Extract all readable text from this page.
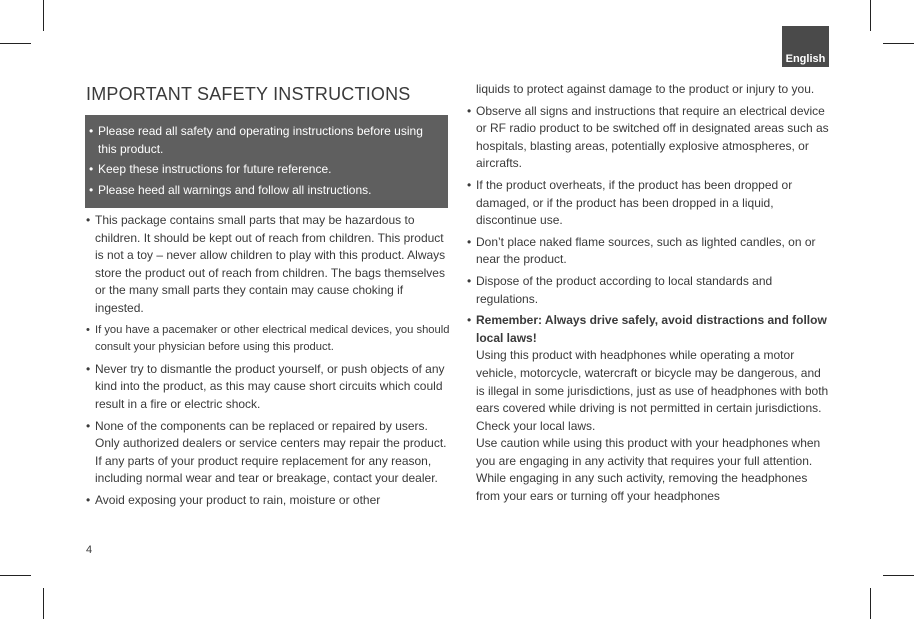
English
IMPORTANT SAFETY INSTRUCTIONS
• Please read all safety and operating instructions before using this product.
• Keep these instructions for future reference.
• Please heed all warnings and follow all instructions.
• This package contains small parts that may be hazardous to children. It should be kept out of reach from children. This product is not a toy – never allow children to play with this product. Always store the product out of reach from children. The bags themselves or the many small parts they contain may cause choking if ingested.
• If you have a pacemaker or other electrical medical devices, you should consult your physician before using this product.
• Never try to dismantle the product yourself, or push objects of any kind into the product, as this may cause short circuits which could result in a fire or electric shock.
• None of the components can be replaced or repaired by users. Only authorized dealers or service centers may repair the product. If any parts of your product require replacement for any reason, including normal wear and tear or breakage, contact your dealer.
• Avoid exposing your product to rain, moisture or other
liquids to protect against damage to the product or injury to you.
• Observe all signs and instructions that require an electrical device or RF radio product to be switched off in designated areas such as hospitals, blasting areas, potentially explosive atmospheres, or aircrafts.
• If the product overheats, if the product has been dropped or damaged, or if the product has been dropped in a liquid, discontinue use.
• Don’t place naked flame sources, such as lighted candles, on or near the product.
• Dispose of the product according to local standards and regulations.
• Remember: Always drive safely, avoid distractions and follow local laws!
Using this product with headphones while operating a motor vehicle, motorcycle, watercraft or bicycle may be dangerous, and is illegal in some jurisdictions, just as use of headphones with both ears covered while driving is not permitted in certain jurisdictions. Check your local laws.
Use caution while using this product with your headphones when you are engaging in any activity that requires your full attention. While engaging in any such activity, removing the headphones from your ears or turning off your headphones
4
